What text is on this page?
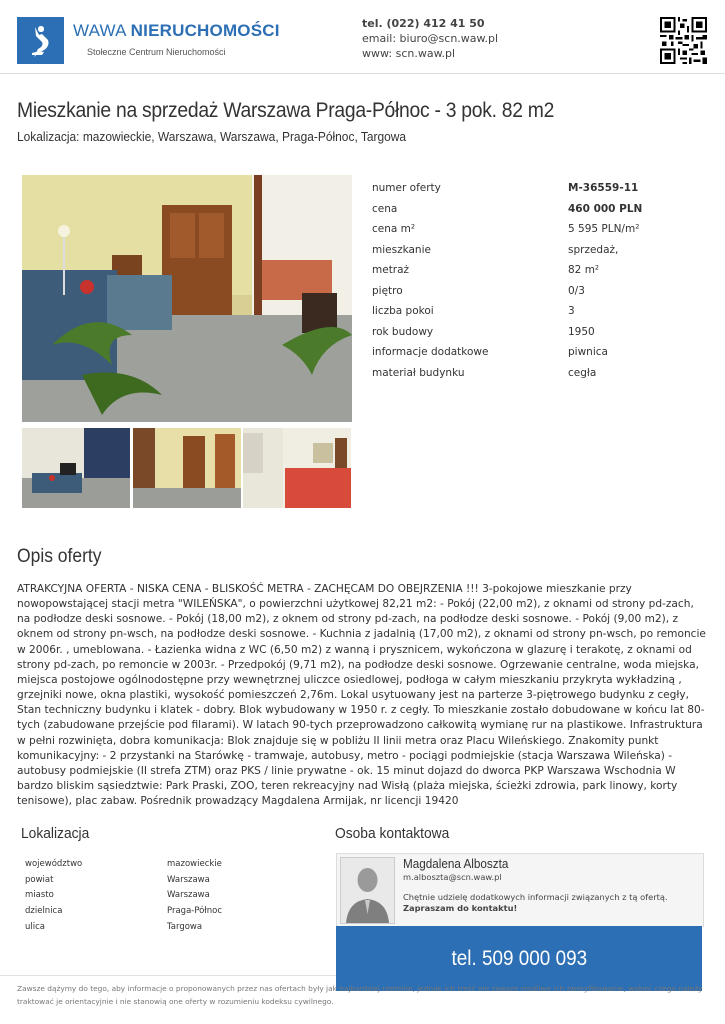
WAWA NIERUCHOMOŚCI
Stołeczne Centrum Nieruchomości
tel. (022) 412 41 50
email: biuro@scn.waw.pl
www: scn.waw.pl
Mieszkanie na sprzedaż Warszawa Praga-Północ - 3 pok. 82 m2
Lokalizacja: mazowieckie, Warszawa, Warszawa, Praga-Północ, Targowa
numer oferty	M-36559-11
cena	460 000 PLN
cena m²	5 595 PLN/m²
mieszkanie	sprzedaż,
metraż	82 m²
piętro	0/3
liczba pokoi	3
rok budowy	1950
informacje dodatkowe	piwnica
materiał budynku	cegła
Opis oferty
ATRAKCYJNA OFERTA - NISKA CENA - BLISKOŚĆ METRA - ZACHĘCAM DO OBEJRZENIA !!! 3-pokojowe mieszkanie przy nowopowstającej stacji metra "WILEŃSKA", o powierzchni użytkowej 82,21 m2: - Pokój (22,00 m2), z oknami od strony pd-zach, na podłodze deski sosnowe. - Pokój (18,00 m2), z oknem od strony pd-zach, na podłodze deski sosnowe. - Pokój (9,00 m2), z oknem od strony pn-wsch, na podłodze deski sosnowe. - Kuchnia z jadalnią (17,00 m2), z oknami od strony pn-wsch, po remoncie w 2006r. , umeblowana. - Łazienka widna z WC (6,50 m2) z wanną i prysznicem, wykończona w glazurę i terakotę, z oknami od strony pd-zach, po remoncie w 2003r. - Przedpokój (9,71 m2), na podłodze deski sosnowe. Ogrzewanie centralne, woda miejska, miejsca postojowe ogólnodostępne przy wewnętrznej uliczce osiedlowej, podłoga w całym mieszkaniu przykryta wykładziną , grzejniki nowe, okna plastiki, wysokość pomieszczeń 2,76m. Lokal usytuowany jest na parterze 3-piętrowego budynku z cegły, Stan techniczny budynku i klatek - dobry. Blok wybudowany w 1950 r. z cegły. To mieszkanie zostało dobudowane w końcu lat 80-tych (zabudowane przejście pod filarami). W latach 90-tych przeprowadzono całkowitą wymianę rur na plastikowe. Infrastruktura w pełni rozwinięta, dobra komunikacja: Blok znajduje się w pobliżu II linii metra oraz Placu Wileńskiego. Znakomity punkt komunikacyjny: - 2 przystanki na Starówkę - tramwaje, autobusy, metro - pociągi podmiejskie (stacja Warszawa Wileńska) - autobusy podmiejskie (II strefa ZTM) oraz PKS / linie prywatne - ok. 15 minut dojazd do dworca PKP Warszawa Wschodnia W bardzo bliskim sąsiedztwie: Park Praski, ZOO, teren rekreacyjny nad Wisłą (plaża miejska, ścieżki zdrowia, park linowy, korty tenisowe), plac zabaw. Pośrednik prowadzący Magdalena Armijak, nr licencji 19420
Lokalizacja
województwo	mazowieckie
powiat	Warszawa
miasto	Warszawa
dzielnica	Praga-Północ
ulica	Targowa
Osoba kontaktowa
Magdalena Alboszta
m.alboszta@scn.waw.pl
Chętnie udzielę dodatkowych informacji związanych z tą ofertą.
Zapraszam do kontaktu!
tel. 509 000 093
Zawsze dążymy do tego, aby informacje o proponowanych przez nas ofertach były jak najbardziej rzetelne, jednak ich treść nie zawsze możliwe ich zweryfikowanie, wobec czego należy traktować je orientacyjnie i nie stanowią one oferty w rozumieniu kodeksu cywilnego.
